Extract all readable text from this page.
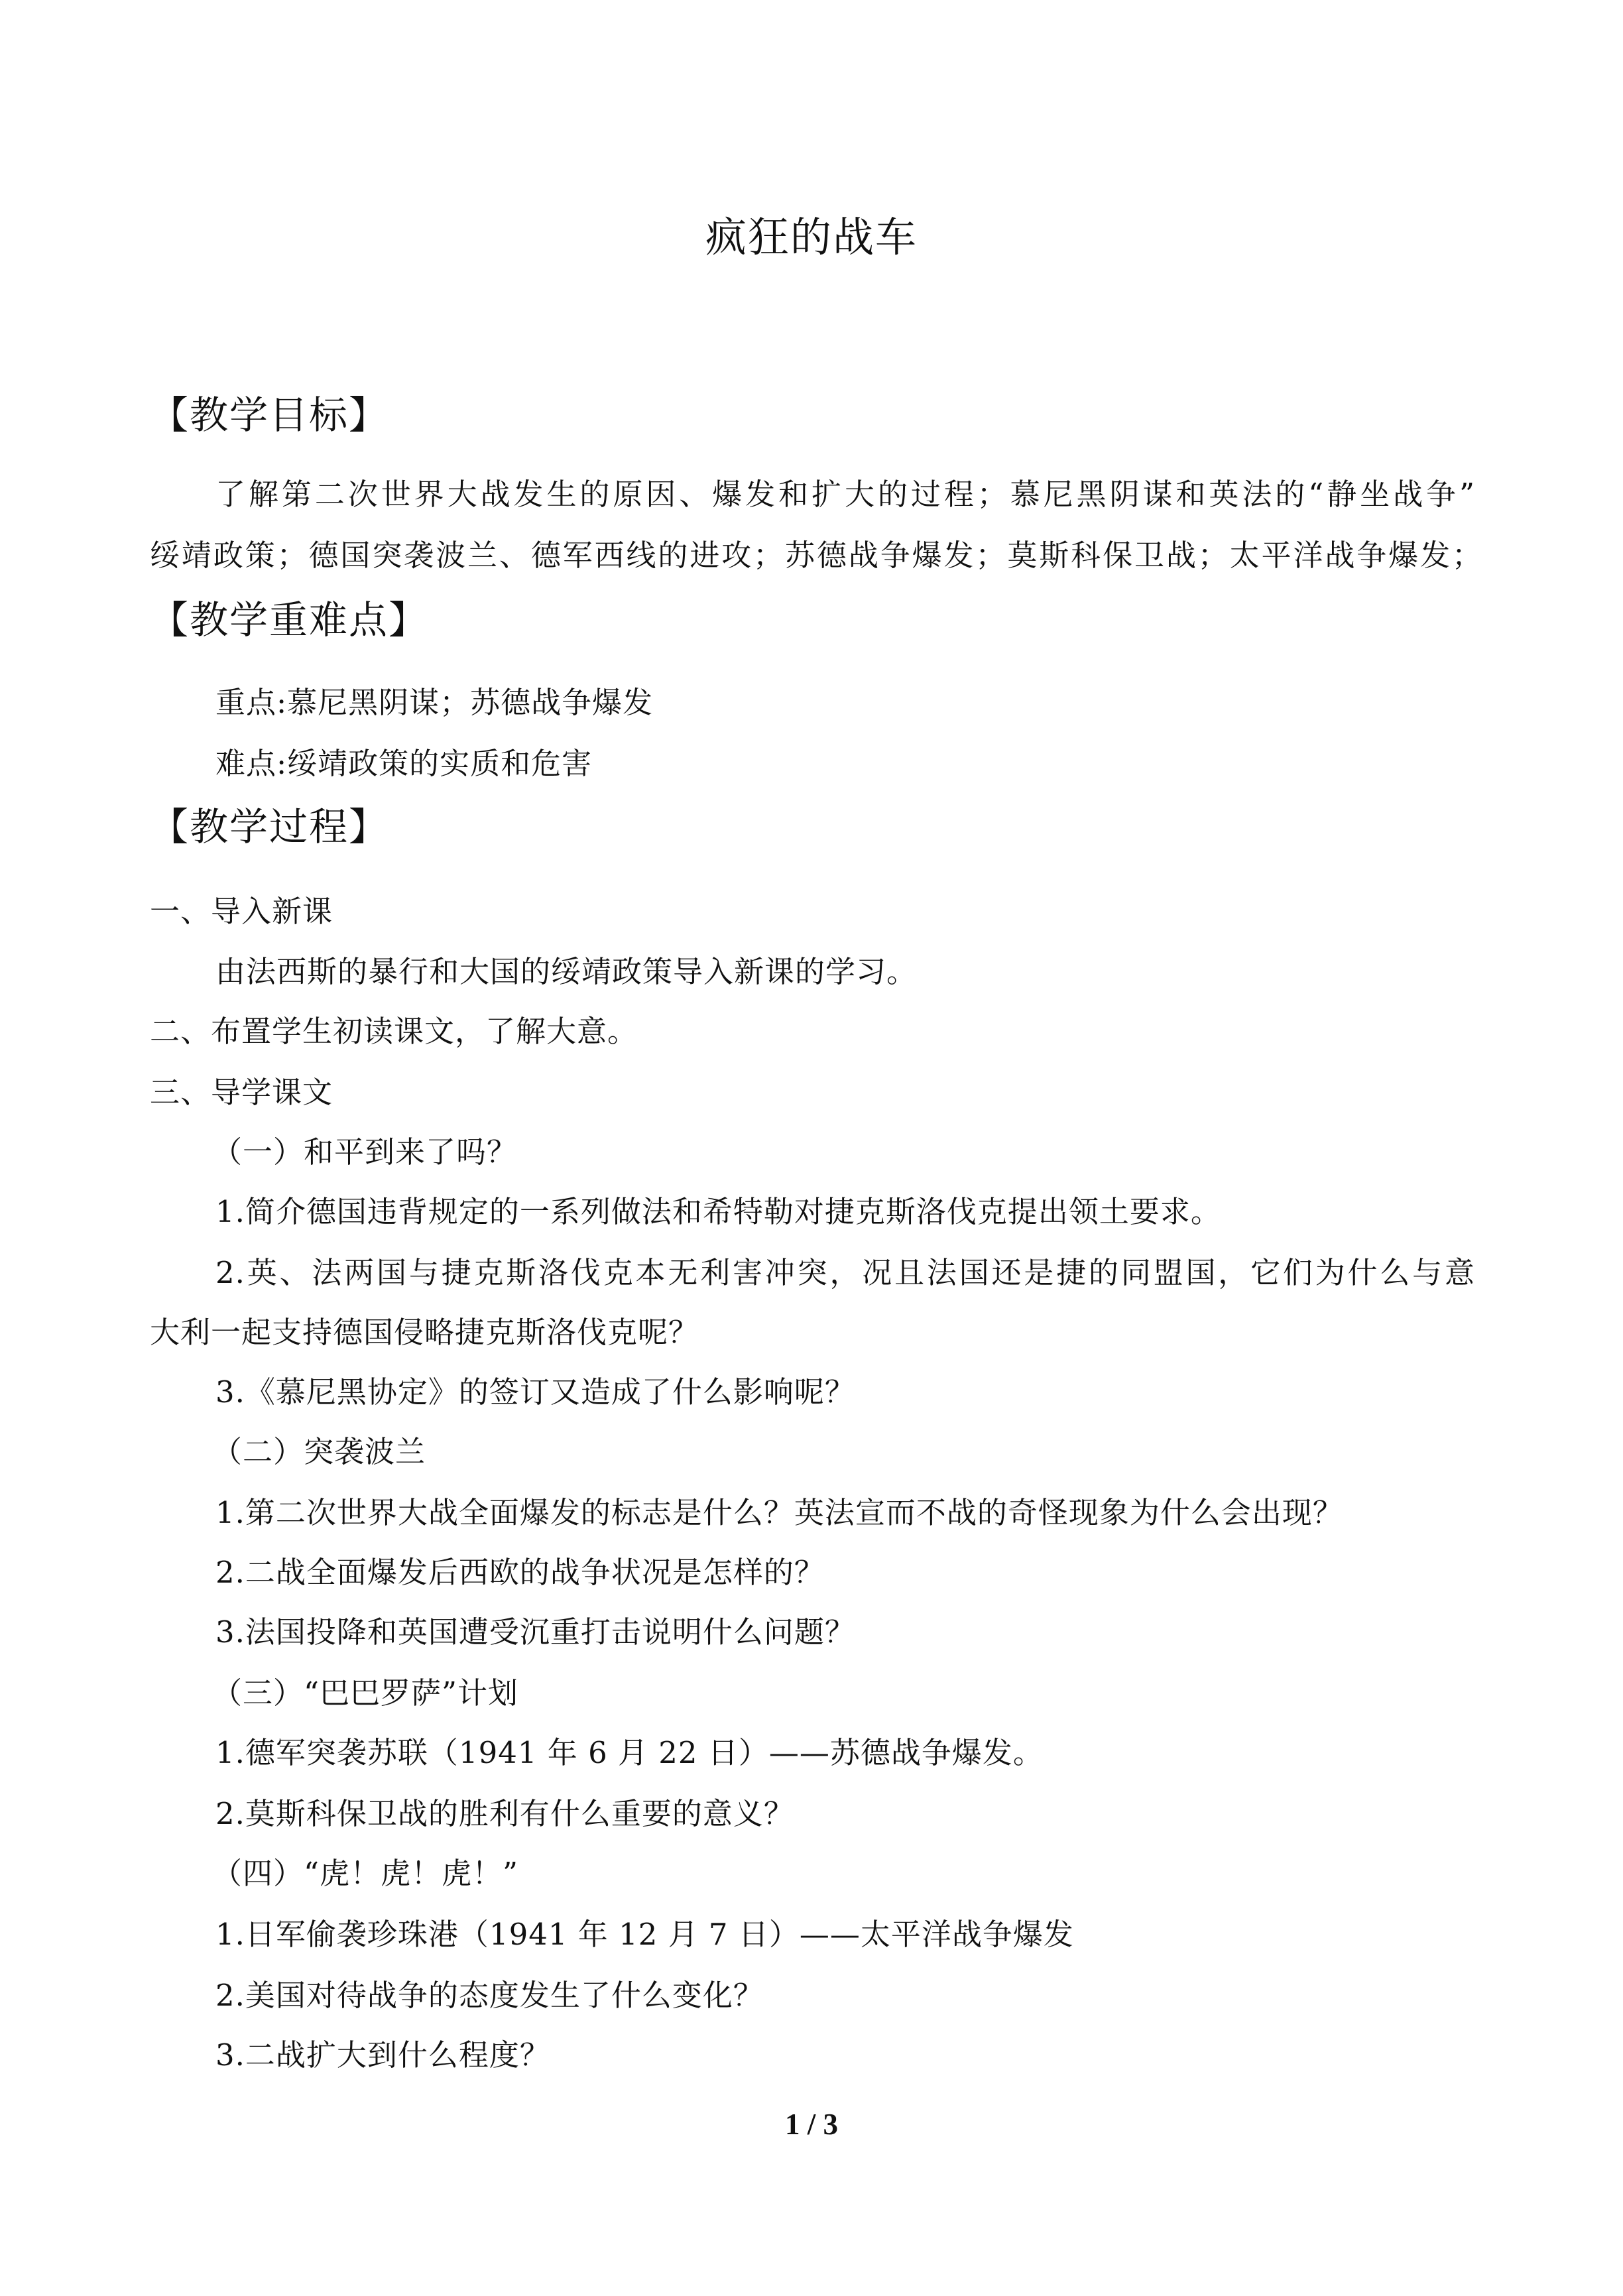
疯狂的战车
【教学目标】
了解第二次世界大战发生的原因、爆发和扩大的过程；慕尼黑阴谋和英法的“静坐战争”
绥靖政策；德国突袭波兰、德军西线的进攻；苏德战争爆发；莫斯科保卫战；太平洋战争爆发；
【教学重难点】
重点:慕尼黑阴谋；苏德战争爆发
难点:绥靖政策的实质和危害
【教学过程】
一、导入新课
由法西斯的暴行和大国的绥靖政策导入新课的学习。
二、布置学生初读课文，了解大意。
三、导学课文
（一）和平到来了吗？
1.简介德国违背规定的一系列做法和希特勒对捷克斯洛伐克提出领土要求。
2.英、法两国与捷克斯洛伐克本无利害冲突，况且法国还是捷的同盟国，它们为什么与意
大利一起支持德国侵略捷克斯洛伐克呢？
3.《慕尼黑协定》的签订又造成了什么影响呢？
（二）突袭波兰
1.第二次世界大战全面爆发的标志是什么？英法宣而不战的奇怪现象为什么会出现？
2.二战全面爆发后西欧的战争状况是怎样的？
3.法国投降和英国遭受沉重打击说明什么问题？
（三）“巴巴罗萨”计划
1.德军突袭苏联（1941 年 6 月 22 日）——苏德战争爆发。
2.莫斯科保卫战的胜利有什么重要的意义？
（四）“虎！虎！虎！”
1.日军偷袭珍珠港（1941 年 12 月 7 日）——太平洋战争爆发
2.美国对待战争的态度发生了什么变化？
3.二战扩大到什么程度？
1 / 3
